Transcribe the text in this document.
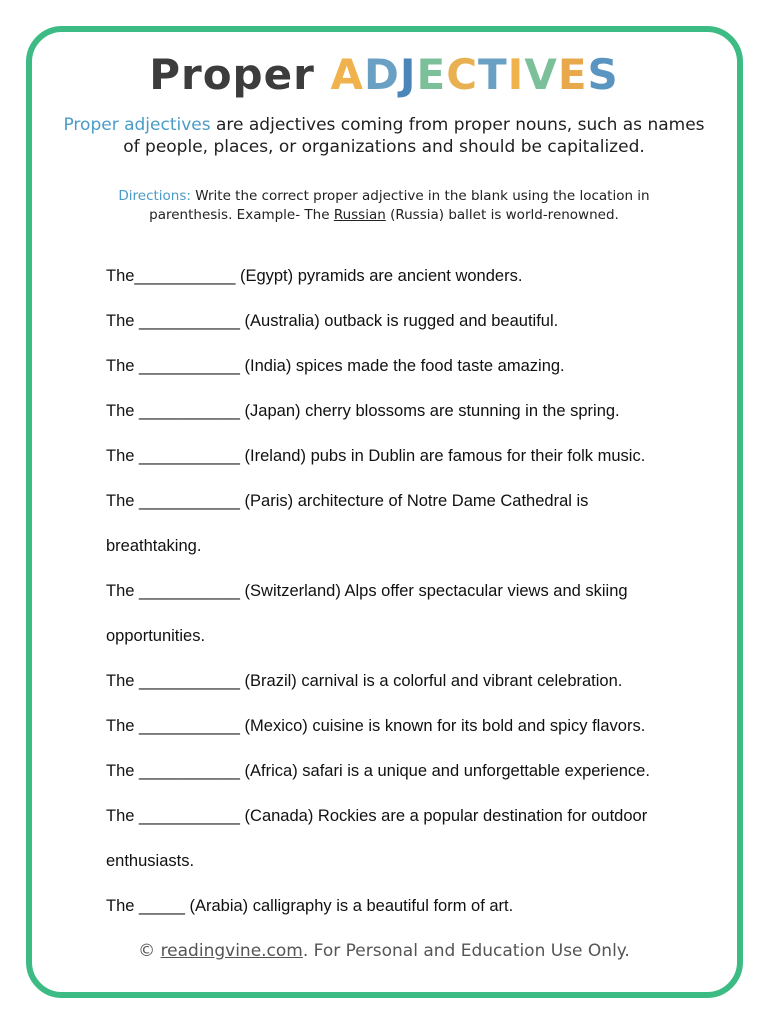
Proper ADJECTIVES
Proper adjectives are adjectives coming from proper nouns, such as names of people, places, or organizations and should be capitalized.
Directions: Write the correct proper adjective in the blank using the location in parenthesis. Example- The Russian (Russia) ballet is world-renowned.
The___________ (Egypt) pyramids are ancient wonders.
The ___________ (Australia) outback is rugged and beautiful.
The ___________ (India) spices made the food taste amazing.
The ___________ (Japan) cherry blossoms are stunning in the spring.
The ___________ (Ireland) pubs in Dublin are famous for their folk music.
The ___________ (Paris) architecture of Notre Dame Cathedral is
breathtaking.
The ___________ (Switzerland) Alps offer spectacular views and skiing
opportunities.
The ___________ (Brazil) carnival is a colorful and vibrant celebration.
The ___________ (Mexico) cuisine is known for its bold and spicy flavors.
The ___________ (Africa) safari is a unique and unforgettable experience.
The ___________ (Canada) Rockies are a popular destination for outdoor
enthusiasts.
The _____ (Arabia) calligraphy is a beautiful form of art.
© readingvine.com. For Personal and Education Use Only.
